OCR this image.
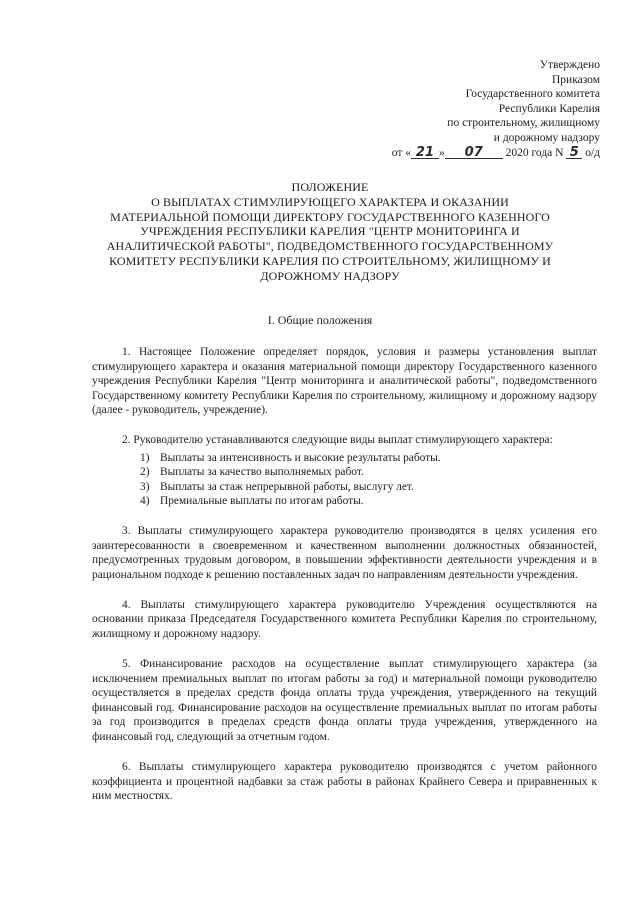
Утверждено
Приказом
Государственного комитета
Республики Карелия
по строительному, жилищному
и дорожному надзору
от « 21 » 07 2020 года N 5 о/д
ПОЛОЖЕНИЕ
О ВЫПЛАТАХ СТИМУЛИРУЮЩЕГО ХАРАКТЕРА И ОКАЗАНИИ
МАТЕРИАЛЬНОЙ ПОМОЩИ ДИРЕКТОРУ ГОСУДАРСТВЕННОГО КАЗЕННОГО
УЧРЕЖДЕНИЯ РЕСПУБЛИКИ КАРЕЛИЯ "ЦЕНТР МОНИТОРИНГА И
АНАЛИТИЧЕСКОЙ РАБОТЫ", ПОДВЕДОМСТВЕННОГО ГОСУДАРСТВЕННОМУ
КОМИТЕТУ РЕСПУБЛИКИ КАРЕЛИЯ ПО СТРОИТЕЛЬНОМУ, ЖИЛИЩНОМУ И
ДОРОЖНОМУ НАДЗОРУ
I. Общие положения

1. Настоящее Положение определяет порядок, условия и размеры установления выплат стимулирующего характера и оказания материальной помощи директору Государственного казенного учреждения Республики Карелия "Центр мониторинга и аналитической работы", подведомственного Государственному комитету Республики Карелия по строительному, жилищному и дорожному надзору (далее - руководитель, учреждение).

2. Руководителю устанавливаются следующие виды выплат стимулирующего характера:

1) Выплаты за интенсивность и высокие результаты работы.
2) Выплаты за качество выполняемых работ.
3) Выплаты за стаж непрерывной работы, выслугу лет.
4) Премиальные выплаты по итогам работы.

3. Выплаты стимулирующего характера руководителю производятся в целях усиления его заинтересованности в своевременном и качественном выполнении должностных обязанностей, предусмотренных трудовым договором, в повышении эффективности деятельности учреждения и в рациональном подходе к решению поставленных задач по направлениям деятельности учреждения.

4. Выплаты стимулирующего характера руководителю Учреждения осуществляются на основании приказа Председателя Государственного комитета Республики Карелия по строительному, жилищному и дорожному надзору.

5. Финансирование расходов на осуществление выплат стимулирующего характера (за исключением премиальных выплат по итогам работы за год) и материальной помощи руководителю осуществляется в пределах средств фонда оплаты труда учреждения, утвержденного на текущий финансовый год. Финансирование расходов на осуществление премиальных выплат по итогам работы за год производится в пределах средств фонда оплаты труда учреждения, утвержденного на финансовый год, следующий за отчетным годом.

6. Выплаты стимулирующего характера руководителю производятся с учетом районного коэффициента и процентной надбавки за стаж работы в районах Крайнего Севера и приравненных к ним местностях.
